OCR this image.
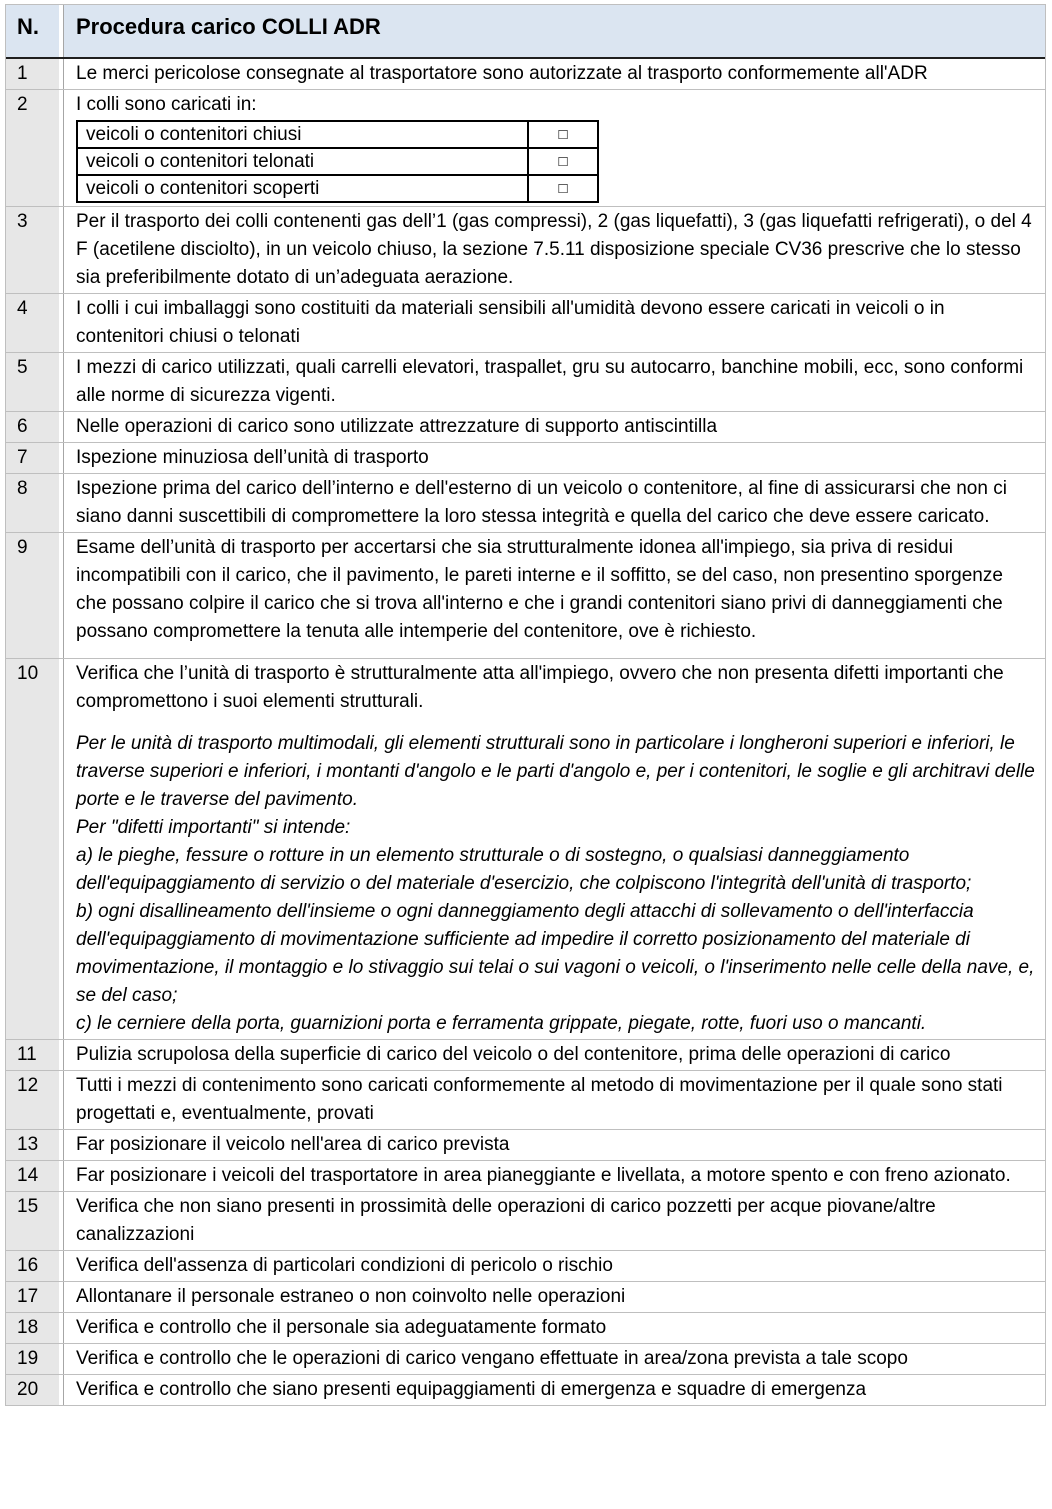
N.	Procedura carico COLLI ADR
1	Le merci pericolose consegnate al trasportatore sono autorizzate al trasporto conformemente all'ADR
2	I colli sono caricati in:
veicoli o contenitori chiusi	□
veicoli o contenitori telonati	□
veicoli o contenitori scoperti	□
3	Per il trasporto dei colli contenenti gas dell’1 (gas compressi), 2 (gas liquefatti), 3 (gas liquefatti refrigerati), o del 4 F (acetilene disciolto), in un veicolo chiuso, la sezione 7.5.11 disposizione speciale CV36 prescrive che lo stesso sia preferibilmente dotato di un’adeguata aerazione.
4	I colli i cui imballaggi sono costituiti da materiali sensibili all'umidità devono essere caricati in veicoli o in contenitori chiusi o telonati
5	I mezzi di carico utilizzati, quali carrelli elevatori, traspallet, gru su autocarro, banchine mobili, ecc, sono conformi alle norme di sicurezza vigenti.
6	Nelle operazioni di carico sono utilizzate attrezzature di supporto antiscintilla
7	Ispezione minuziosa dell’unità di trasporto
8	Ispezione prima del carico dell’interno e dell'esterno di un veicolo o contenitore, al fine di assicurarsi che non ci siano danni suscettibili di compromettere la loro stessa integrità e quella del carico che deve essere caricato.
9	Esame dell’unità di trasporto per accertarsi che sia strutturalmente idonea all'impiego, sia priva di residui incompatibili con il carico, che il pavimento, le pareti interne e il soffitto, se del caso, non presentino sporgenze che possano colpire il carico che si trova all'interno e che i grandi contenitori siano privi di danneggiamenti che possano compromettere la tenuta alle intemperie del contenitore, ove è richiesto.
10	Verifica che l’unità di trasporto è strutturalmente atta all'impiego, ovvero che non presenta difetti importanti che compromettono i suoi elementi strutturali.

Per le unità di trasporto multimodali, gli elementi strutturali sono in particolare i longheroni superiori e inferiori, le traverse superiori e inferiori, i montanti d'angolo e le parti d'angolo e, per i contenitori, le soglie e gli architravi delle porte e le traverse del pavimento.

Per "difetti importanti" si intende:

a) le pieghe, fessure o rotture in un elemento strutturale o di sostegno, o qualsiasi danneggiamento dell'equipaggiamento di servizio o del materiale d'esercizio, che colpiscono l'integrità dell'unità di trasporto;

b) ogni disallineamento dell'insieme o ogni danneggiamento degli attacchi di sollevamento o dell'interfaccia dell'equipaggiamento di movimentazione sufficiente ad impedire il corretto posizionamento del materiale di movimentazione, il montaggio e lo stivaggio sui telai o sui vagoni o veicoli, o l'inserimento nelle celle della nave, e, se del caso;

c) le cerniere della porta, guarnizioni porta e ferramenta grippate, piegate, rotte, fuori uso o mancanti.

11	Pulizia scrupolosa della superficie di carico del veicolo o del contenitore, prima delle operazioni di carico
12	Tutti i mezzi di contenimento sono caricati conformemente al metodo di movimentazione per il quale sono stati progettati e, eventualmente, provati
13	Far posizionare il veicolo nell'area di carico prevista
14	Far posizionare i veicoli del trasportatore in area pianeggiante e livellata, a motore spento e con freno azionato.
15	Verifica che non siano presenti in prossimità delle operazioni di carico pozzetti per acque piovane/altre canalizzazioni
16	Verifica dell'assenza di particolari condizioni di pericolo o rischio
17	Allontanare il personale estraneo o non coinvolto nelle operazioni
18	Verifica e controllo che il personale sia adeguatamente formato
19	Verifica e controllo che le operazioni di carico vengano effettuate in area/zona prevista a tale scopo
20	Verifica e controllo che siano presenti equipaggiamenti di emergenza e squadre di emergenza
